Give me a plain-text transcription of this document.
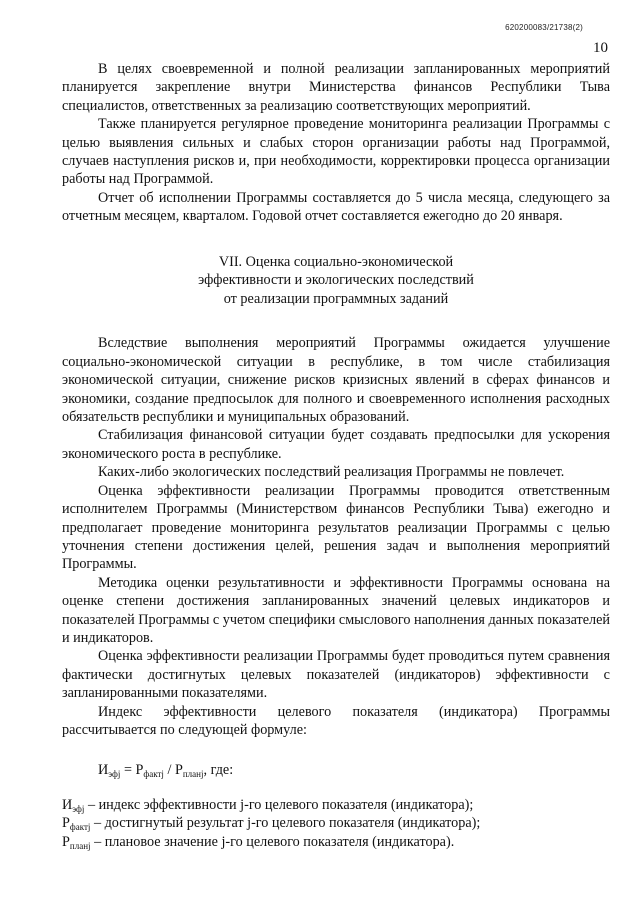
620200083/21738(2)
10

В целях своевременной и полной реализации запланированных мероприятий планируется закрепление внутри Министерства финансов Республики Тыва специалистов, ответственных за реализацию соответствующих мероприятий.

Также планируется регулярное проведение мониторинга реализации Программы с целью выявления сильных и слабых сторон организации работы над Программой, случаев наступления рисков и, при необходимости, корректировки процесса организации работы над Программой.

Отчет об исполнении Программы составляется до 5 числа месяца, следующего за отчетным месяцем, кварталом. Годовой отчет составляется ежегодно до 20 января.

VII. Оценка социально-экономической
эффективности и экологических последствий
от реализации программных заданий

Вследствие выполнения мероприятий Программы ожидается улучшение социально-экономической ситуации в республике, в том числе стабилизация экономической ситуации, снижение рисков кризисных явлений в сферах финансов и экономики, создание предпосылок для полного и своевременного исполнения расходных обязательств республики и муниципальных образований.

Стабилизация финансовой ситуации будет создавать предпосылки для ускорения экономического роста в республике.

Каких-либо экологических последствий реализация Программы не повлечет.

Оценка эффективности реализации Программы проводится ответственным исполнителем Программы (Министерством финансов Республики Тыва) ежегодно и предполагает проведение мониторинга результатов реализации Программы с целью уточнения степени достижения целей, решения задач и выполнения мероприятий Программы.

Методика оценки результативности и эффективности Программы основана на оценке степени достижения запланированных значений целевых индикаторов и показателей Программы с учетом специфики смыслового наполнения данных показателей и индикаторов.

Оценка эффективности реализации Программы будет проводиться путем сравнения фактически достигнутых целевых показателей (индикаторов) эффективности с запланированными показателями.

Индекс эффективности целевого показателя (индикатора) Программы рассчитывается по следующей формуле:

$И_{эфj} = Р_{фактj} / Р_{планj}$, где:
$И_{эфj}$ – индекс эффективности j-го целевого показателя (индикатора);
$Р_{фактj}$ – достигнутый результат j-го целевого показателя (индикатора);
$Р_{планj}$ – плановое значение j-го целевого показателя (индикатора).
